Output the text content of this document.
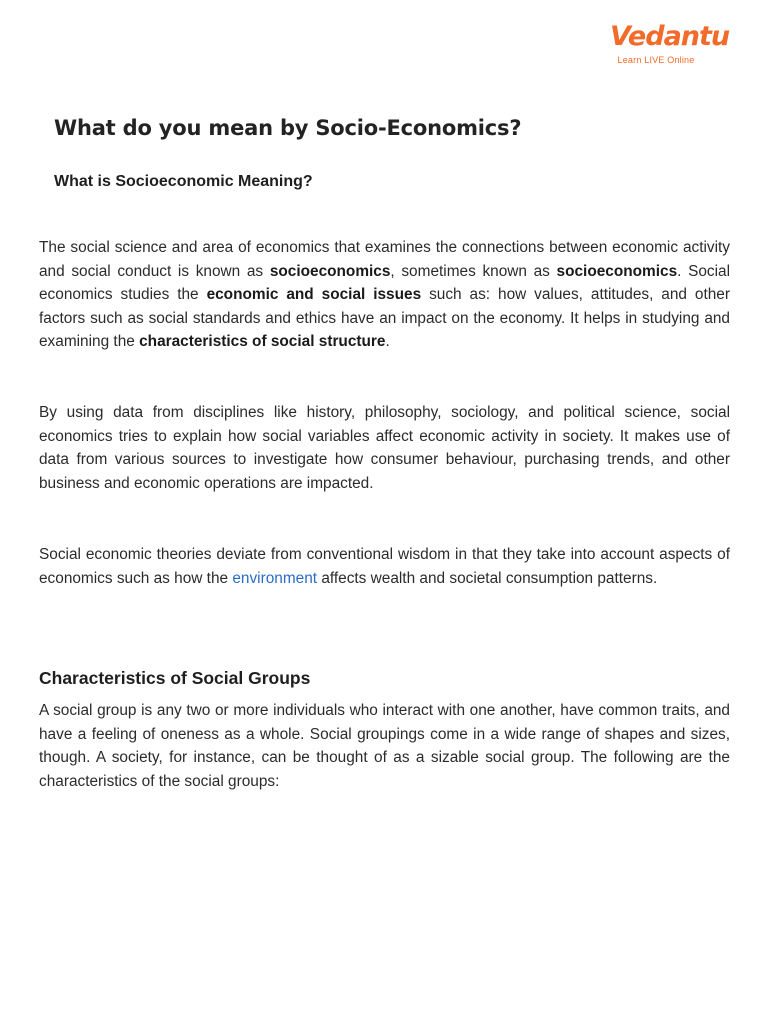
Vedantu
Learn LIVE Online
What do you mean by Socio-Economics?
What is Socioeconomic Meaning?

The social science and area of economics that examines the connections between economic activity and social conduct is known as socioeconomics, sometimes known as socioeconomics. Social economics studies the economic and social issues such as: how values, attitudes, and other factors such as social standards and ethics have an impact on the economy. It helps in studying and examining the characteristics of social structure.

By using data from disciplines like history, philosophy, sociology, and political science, social economics tries to explain how social variables affect economic activity in society. It makes use of data from various sources to investigate how consumer behaviour, purchasing trends, and other business and economic operations are impacted.

Social economic theories deviate from conventional wisdom in that they take into account aspects of economics such as how the environment affects wealth and societal consumption patterns.

Characteristics of Social Groups

A social group is any two or more individuals who interact with one another, have common traits, and have a feeling of oneness as a whole. Social groupings come in a wide range of shapes and sizes, though. A society, for instance, can be thought of as a sizable social group. The following are the characteristics of the social groups:
